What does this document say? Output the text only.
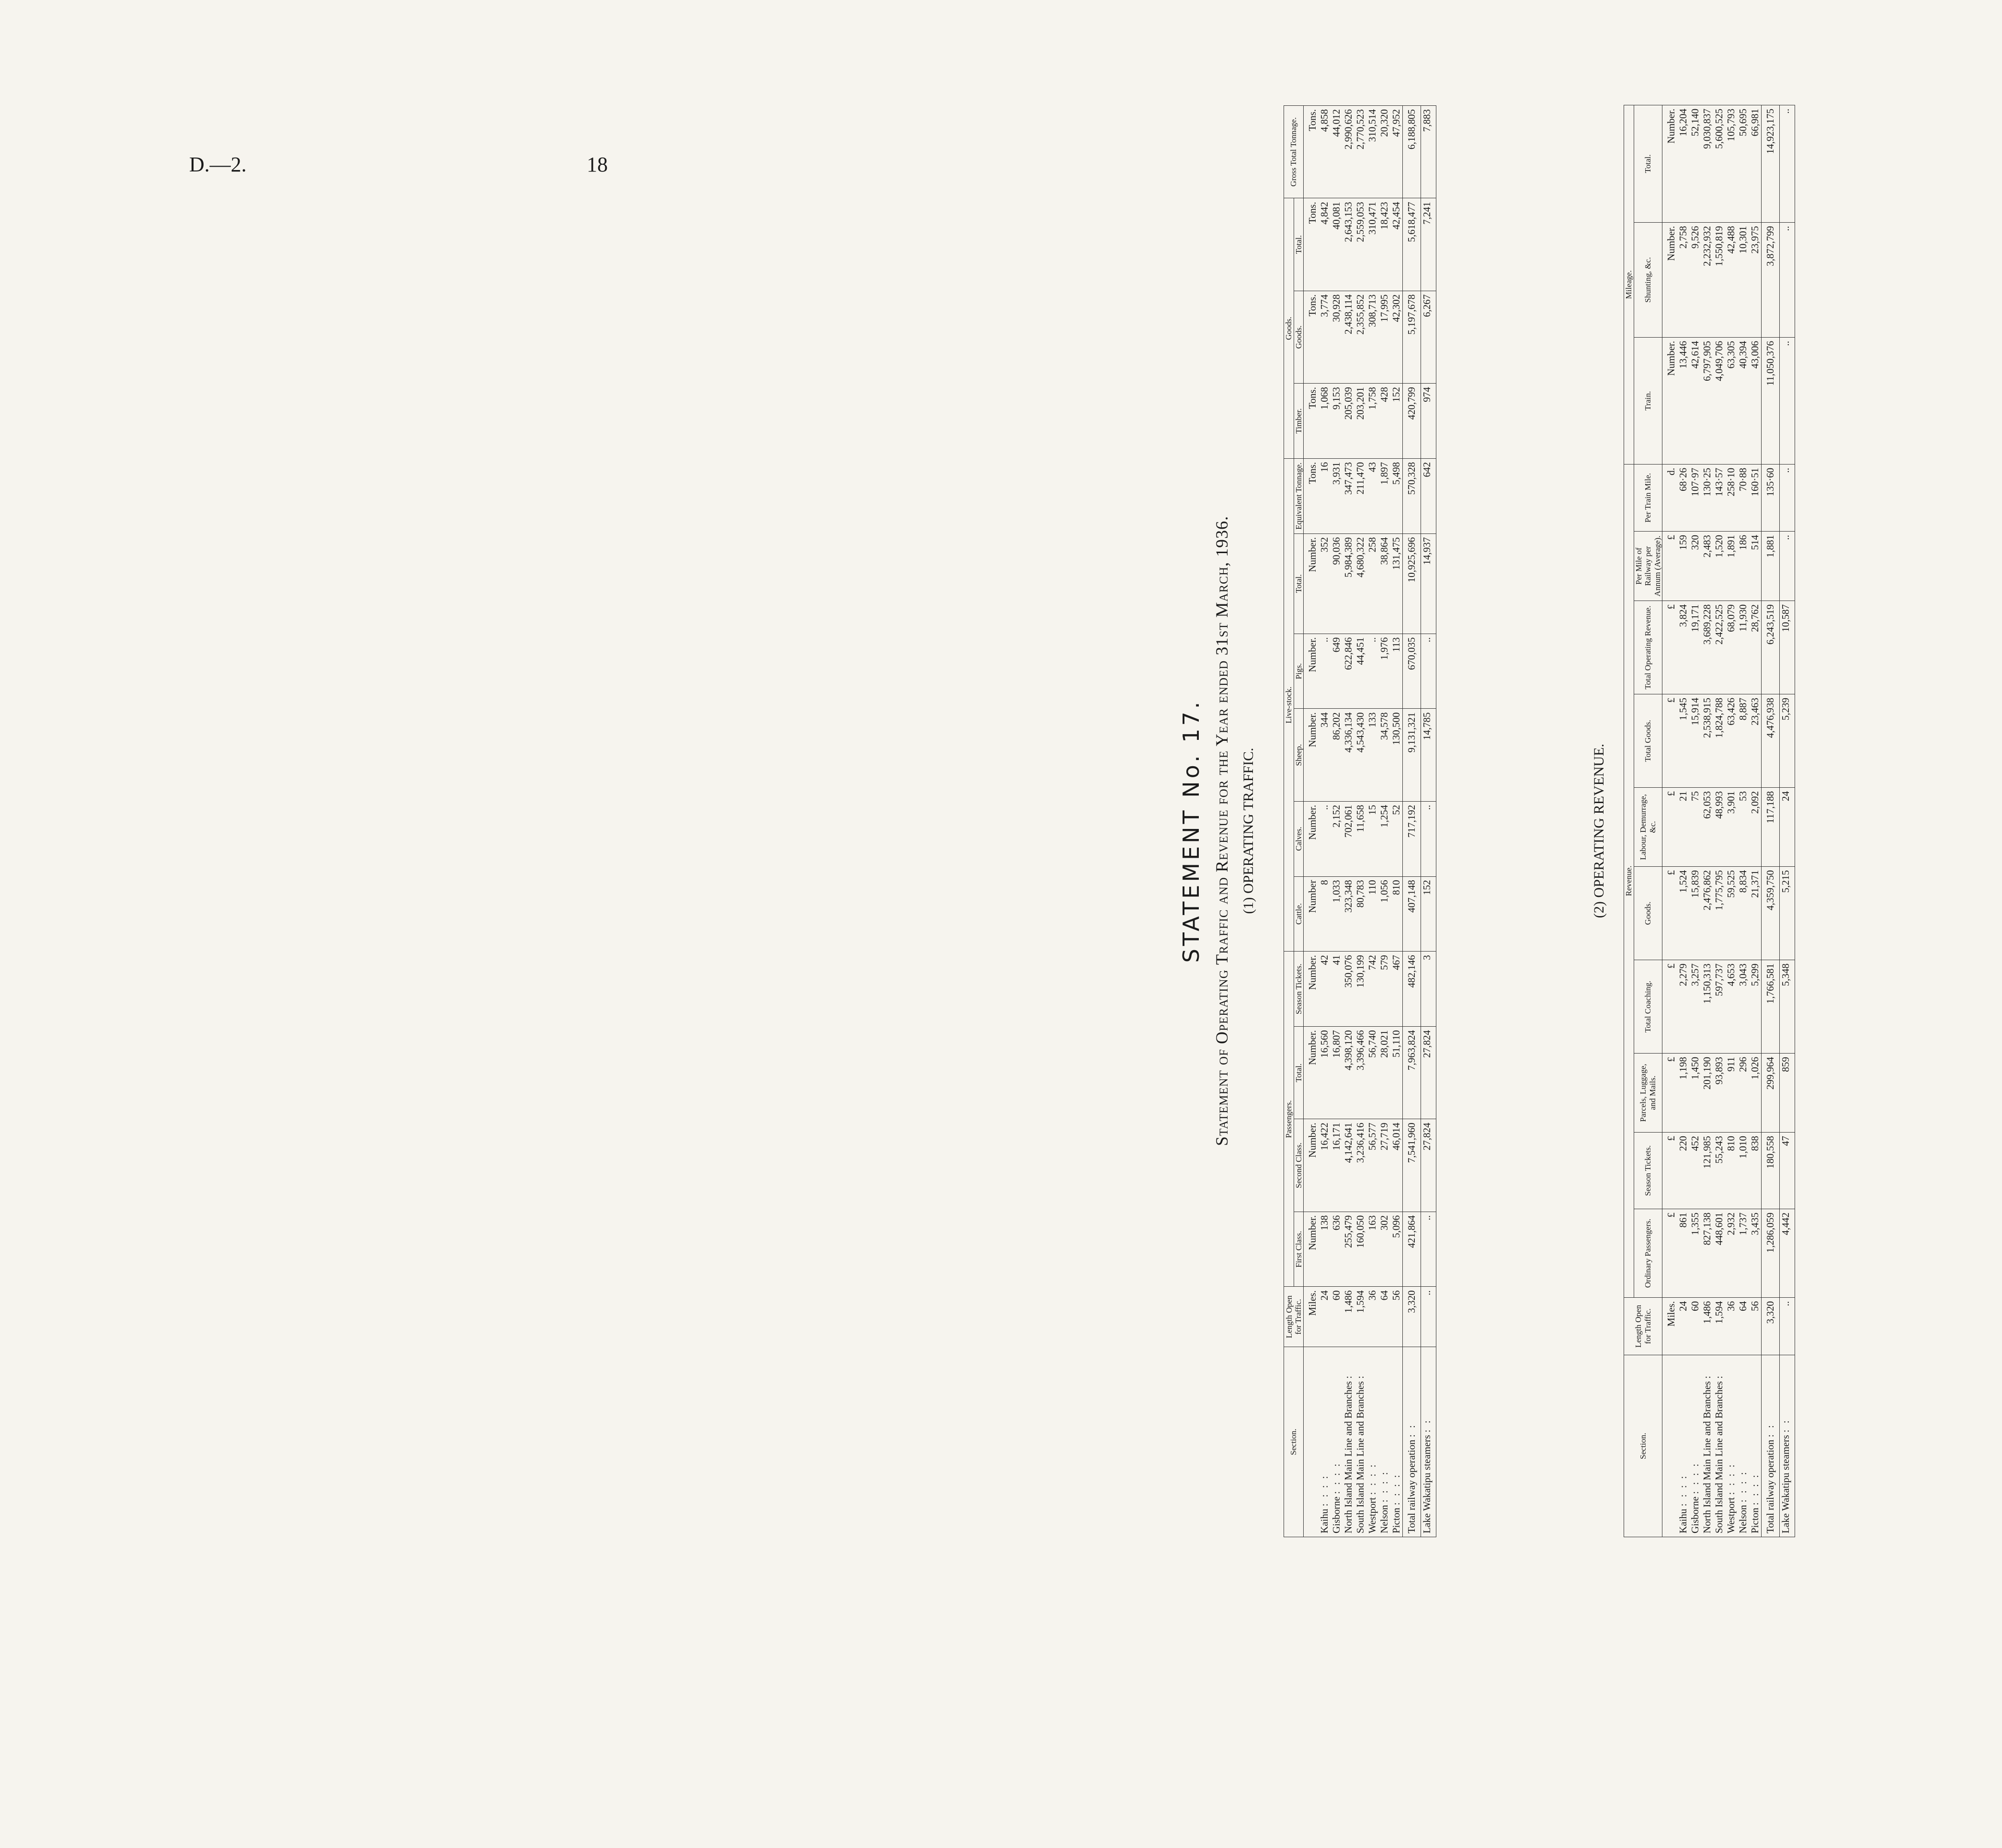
D.—2.	18
STATEMENT No. 17. Statement of Operating Traffic and Revenue for the Year ended 31st March, 1936. (1) OPERATING TRAFFIC.
Section.	Length Open for Traffic.	Passengers.				Live-stock.						Goods.			Gross Total Tonnage.
		First Class.	Second Class.	Total.	Season Tickets.	Cattle.	Calves.	Sheep.	Pigs.	Total.	Equivalent Tonnage.	Timber.	Goods.	Total.	
	Miles.	Number.	Number.	Number.	Number.	Number	Number.	Number.	Number.	Number.	Tons.	Tons.	Tons.	Tons.	Tons.
Kaihu : : : :	24	138	16,422	16,560	42	8	..	344	..	352	16	1,068	3,774	4,842	4,858
Gisborne : : : :	60	636	16,171	16,807	41	1,033	2,152	86,202	649	90,036	3,931	9,153	30,928	40,081	44,012
North Island Main Line and Branches :	1,486	255,479	4,142,641	4,398,120	350,076	323,348	702,061	4,336,134	622,846	5,984,389	347,473	205,039	2,438,114	2,643,153	2,990,626
South Island Main Line and Branches :	1,594	160,050	3,236,416	3,396,466	130,199	80,783	11,658	4,543,430	44,451	4,680,322	211,470	203,201	2,355,852	2,559,053	2,770,523
Westport : : : :	36	163	56,577	56,740	742	110	15	133	..	258	43	1,758	308,713	310,471	310,514
Nelson : : : :	64	302	27,719	28,021	579	1,056	1,254	34,578	1,976	38,864	1,897	428	17,995	18,423	20,320
Picton : : : :	56	5,096	46,014	51,110	467	810	52	130,500	113	131,475	5,498	152	42,302	42,454	47,952
Total railway operation : :	3,320	421,864	7,541,960	7,963,824	482,146	407,148	717,192	9,131,321	670,035	10,925,696	570,328	420,799	5,197,678	5,618,477	6,188,805
Lake Wakatipu steamers : :	..	..	27,824	27,824	3	152	..	14,785	..	14,937	642	974	6,267	7,241	7,883
(2) OPERATING REVENUE.
Section.	Length Open for Traffic.	Revenue.										Mileage.		
		Ordinary Passengers.	Season Tickets.	Parcels, Luggage, and Mails.	Total Coaching.	Goods.	Labour, Demurrage, &c.	Total Goods.	Total Operating Revenue.	Per Mile of Railway per Annum (Average).	Per Train Mile.	Train.	Shunting, &c.	Total.
	Miles.	£	£	£	£	£	£	£	£	£	d.	Number.	Number.	Number.
Kaihu : : : :	24	861	220	1,198	2,279	1,524	21	1,545	3,824	159	68·26	13,446	2,758	16,204
Gisborne : : : :	60	1,355	452	1,450	3,257	15,839	75	15,914	19,171	320	107·97	42,614	9,526	52,140
North Island Main Line and Branches :	1,486	827,138	121,985	201,190	1,150,313	2,476,862	62,053	2,538,915	3,689,228	2,483	130·25	6,797,905	2,232,932	9,030,837
South Island Main Line and Branches :	1,594	448,601	55,243	93,893	597,737	1,775,795	48,993	1,824,788	2,422,525	1,520	143·57	4,049,706	1,550,819	5,600,525
Westport : : : :	36	2,932	810	911	4,653	59,525	3,901	63,426	68,079	1,891	258·10	63,305	42,488	105,793
Nelson : : : :	64	1,737	1,010	296	3,043	8,834	53	8,887	11,930	186	70·88	40,394	10,301	50,695
Picton : : : :	56	3,435	838	1,026	5,299	21,371	2,092	23,463	28,762	514	160·51	43,006	23,975	66,981
Total railway operation : :	3,320	1,286,059	180,558	299,964	1,766,581	4,359,750	117,188	4,476,938	6,243,519	1,881	135·60	11,050,376	3,872,799	14,923,175
Lake Wakatipu steamers : :	..	4,442	47	859	5,348	5,215	24	5,239	10,587	..	..	..	..	..
